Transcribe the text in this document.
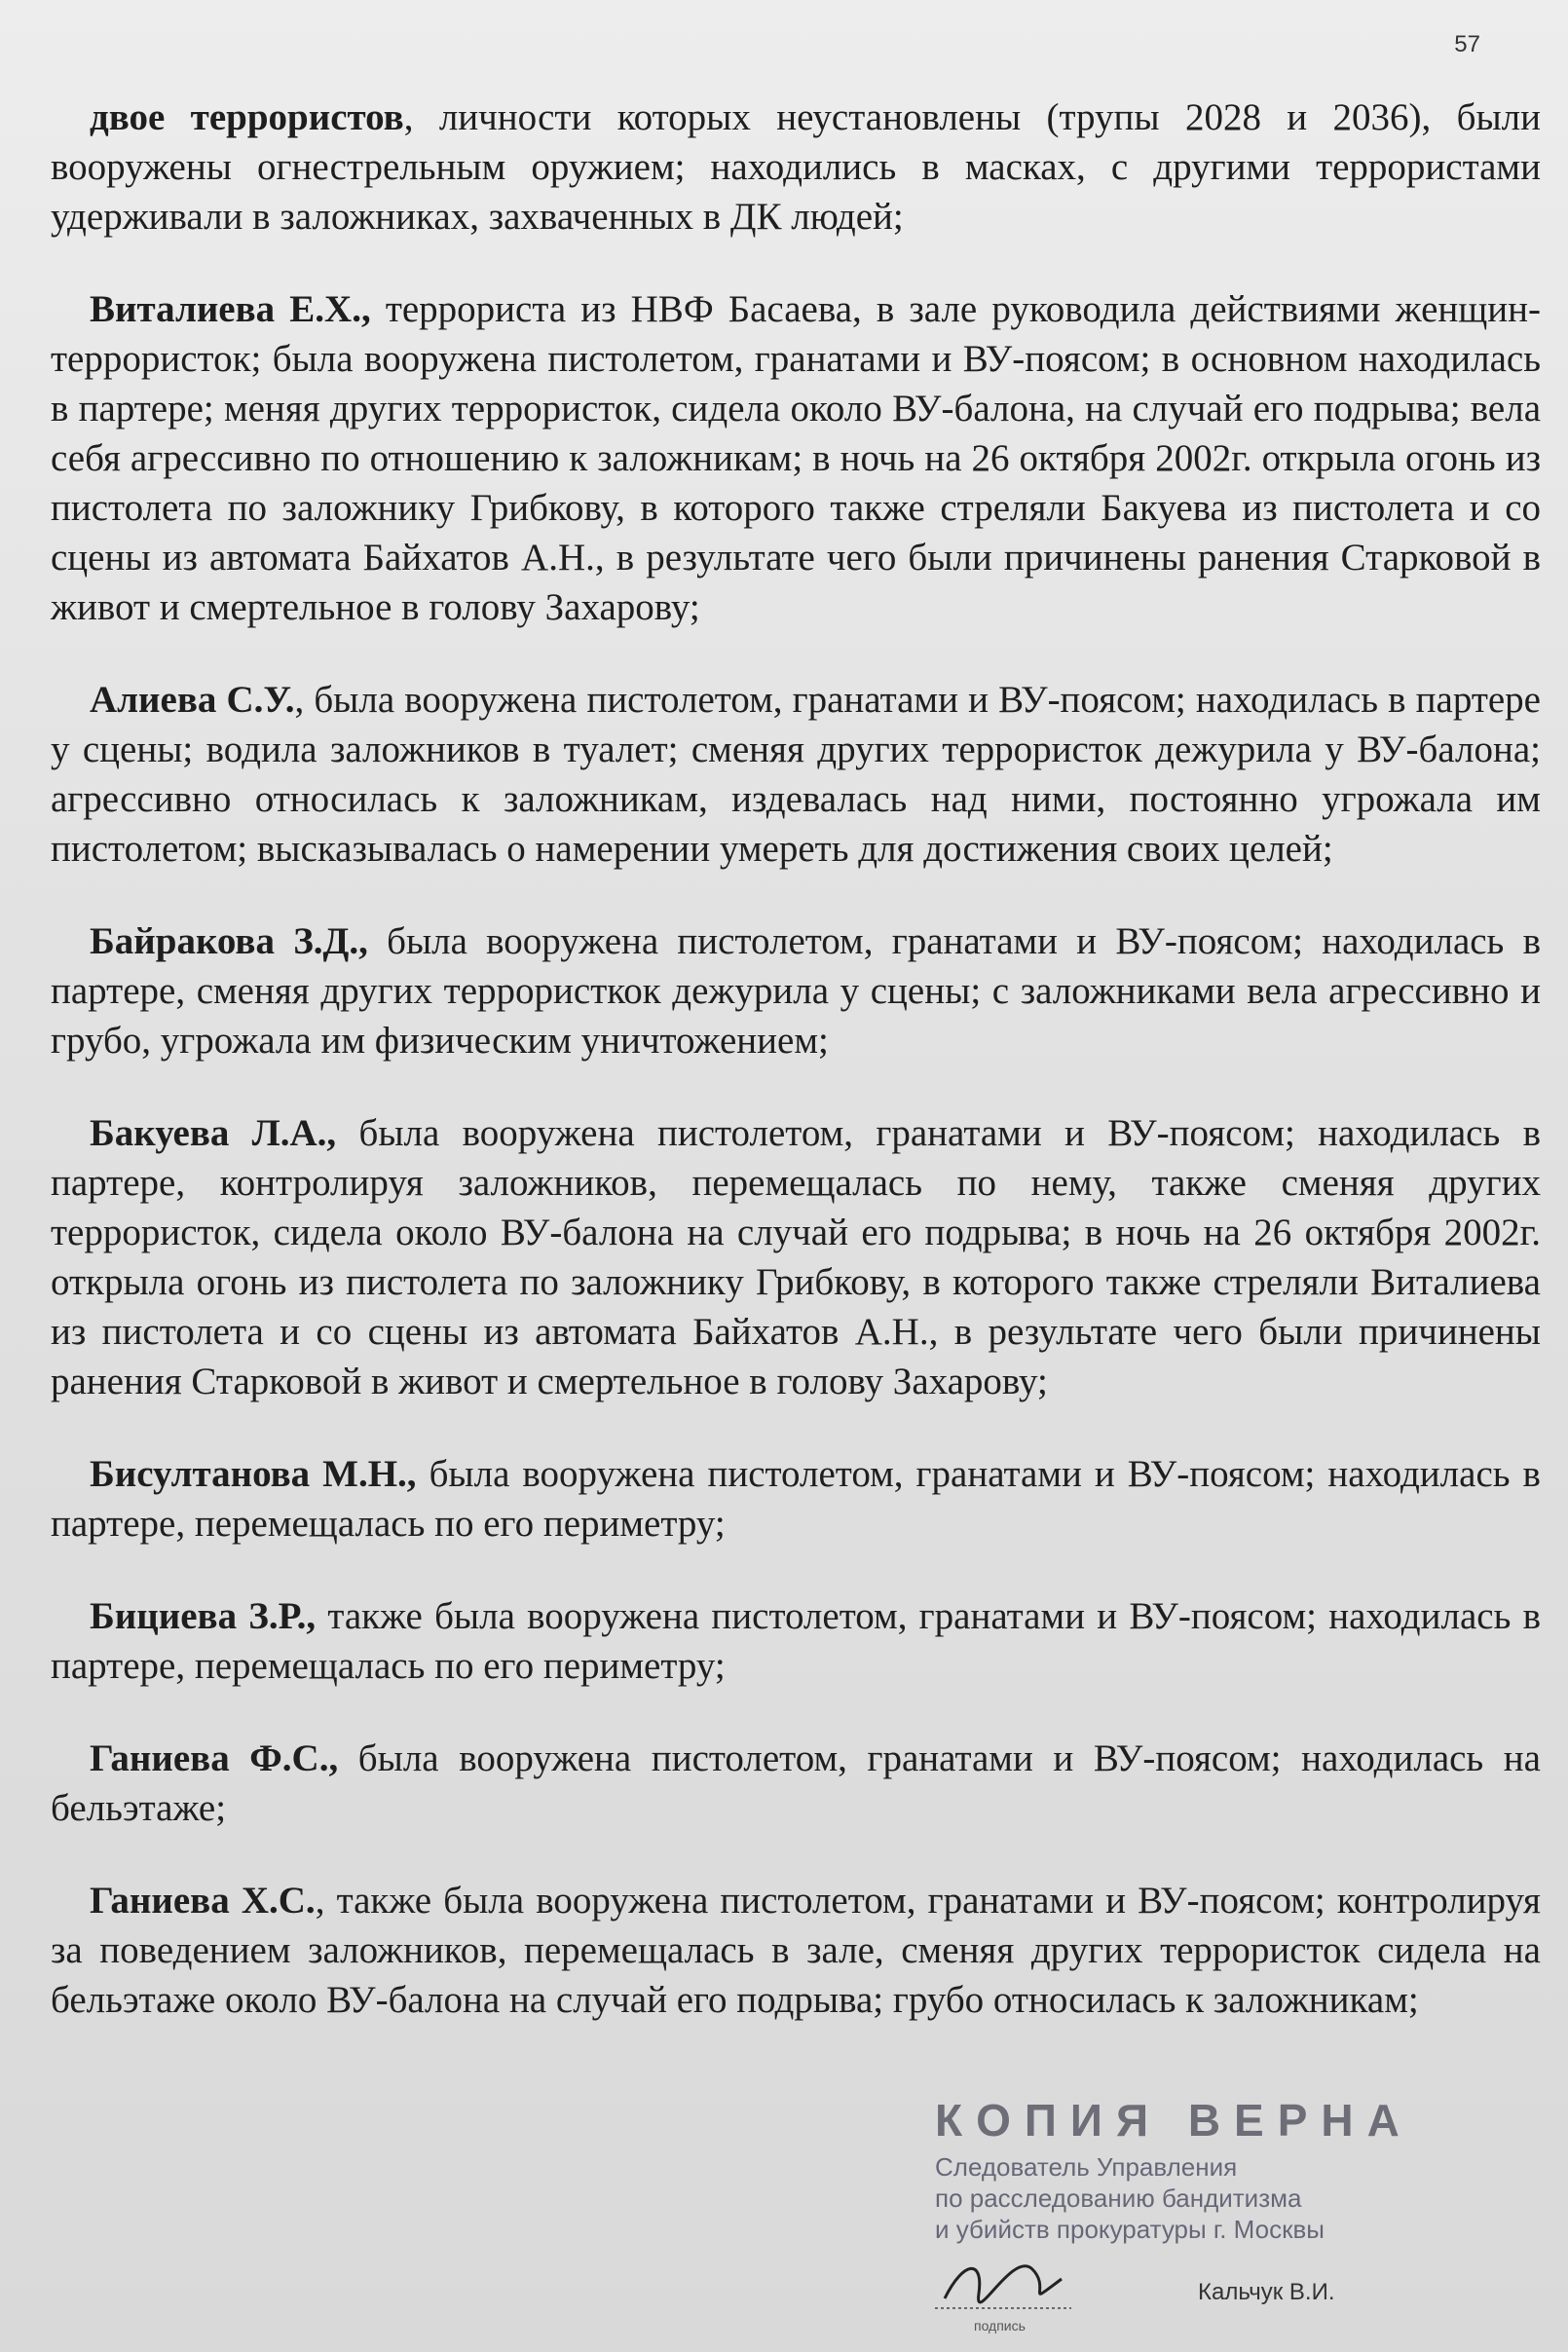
57

двое террористов, личности которых неустановлены (трупы 2028 и 2036), были вооружены огнестрельным оружием; находились в масках, с другими террористами удерживали в заложниках, захваченных в ДК людей;

Виталиева Е.Х., террориста из НВФ Басаева, в зале руководила действиями женщин-террористок; была вооружена пистолетом, гранатами и ВУ-поясом; в основном находилась в партере; меняя других террористок, сидела около ВУ-балона, на случай его подрыва; вела себя агрессивно по отношению к заложникам; в ночь на 26 октября 2002г. открыла огонь из пистолета по заложнику Грибкову, в которого также стреляли Бакуева из пистолета и со сцены из автомата Байхатов А.Н., в результате чего были причинены ранения Старковой в живот и смертельное в голову Захарову;

Алиева С.У., была вооружена пистолетом, гранатами и ВУ-поясом; находилась в партере у сцены; водила заложников в туалет; сменяя других террористок дежурила у ВУ-балона; агрессивно относилась к заложникам, издевалась над ними, постоянно угрожала им пистолетом; высказывалась о намерении умереть для достижения своих целей;

Байракова З.Д., была вооружена пистолетом, гранатами и ВУ-поясом; находилась в партере, сменяя других террористкок дежурила у сцены; с заложниками вела агрессивно и грубо, угрожала им физическим уничтожением;

Бакуева Л.А., была вооружена пистолетом, гранатами и ВУ-поясом; находилась в партере, контролируя заложников, перемещалась по нему, также сменяя других террористок, сидела около ВУ-балона на случай его подрыва; в ночь на 26 октября 2002г. открыла огонь из пистолета по заложнику Грибкову, в которого также стреляли Виталиева из пистолета и со сцены из автомата Байхатов А.Н., в результате чего были причинены ранения Старковой в живот и смертельное в голову Захарову;

Бисултанова М.Н., была вооружена пистолетом, гранатами и ВУ-поясом; находилась в партере, перемещалась по его периметру;

Бициева З.Р., также была вооружена пистолетом, гранатами и ВУ-поясом; находилась в партере, перемещалась по его периметру;

Ганиева Ф.С., была вооружена пистолетом, гранатами и ВУ-поясом; находилась на бельэтаже;

Ганиева Х.С., также была вооружена пистолетом, гранатами и ВУ-поясом; контролируя за поведением заложников, перемещалась в зале, сменяя других террористок сидела на бельэтаже около ВУ-балона на случай его подрыва; грубо относилась к заложникам;

КОПИЯ ВЕРНА
Следователь Управления
по расследованию бандитизма
и убийств прокуратуры г. Москвы
подпись
Кальчук В.И.
